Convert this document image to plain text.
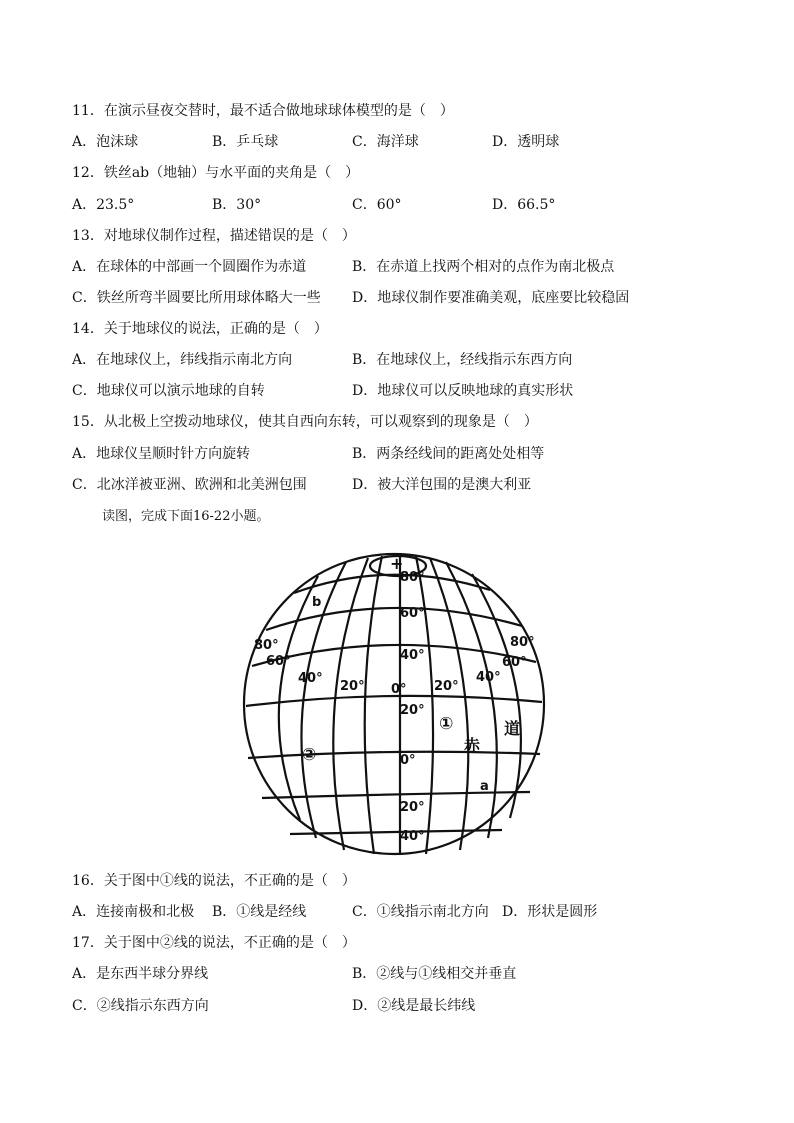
11．在演示昼夜交替时，最不适合做地球球体模型的是（　）
A．泡沫球	B．乒乓球	C．海洋球	D．透明球
12．铁丝ab（地轴）与水平面的夹角是（　）
A．23.5°	B．30°	C．60°	D．66.5°
13．对地球仪制作过程，描述错误的是（　）
A．在球体的中部画一个圆圈作为赤道	B．在赤道上找两个相对的点作为南北极点
C．铁丝所弯半圆要比所用球体略大一些 D．地球仪制作要准确美观，底座要比较稳固
14．关于地球仪的说法，正确的是（　）
A．在地球仪上，纬线指示南北方向	B．在地球仪上，经线指示东西方向
C．地球仪可以演示地球的自转	D．地球仪可以反映地球的真实形状
15．从北极上空拨动地球仪，使其自西向东转，可以观察到的现象是（　）
A．地球仪呈顺时针方向旋转	B．两条经线间的距离处处相等
C．北冰洋被亚洲、欧洲和北美洲包围	D．被大洋包围的是澳大利亚
读图，完成下面16-22小题。
+
80°
60°
40°
20°
0°
20°
40°
80°
60°
40°
20° 0° 20°
40°
60°
80°
①
②
a
b
赤
道
16．关于图中①线的说法，不正确的是（　）
A．连接南极和北极 B．①线是经线	C．①线指示南北方向 D．形状是圆形
17．关于图中②线的说法，不正确的是（　）
A．是东西半球分界线	B．②线与①线相交并垂直
C．②线指示东西方向	D．②线是最长纬线
